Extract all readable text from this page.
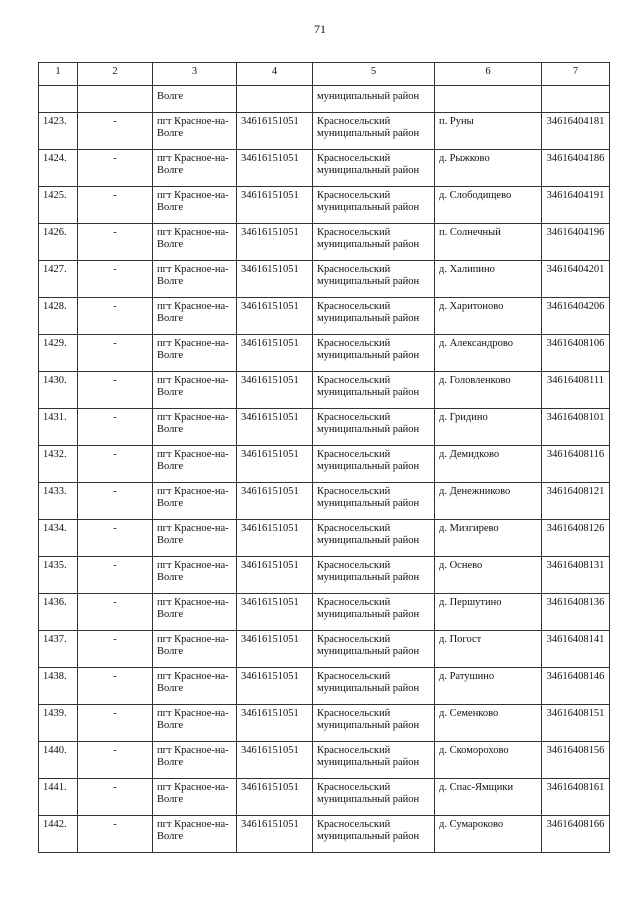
71
1	2	3	4	5	6	7
		Волге		муниципальный район		
1423.	-	пгт Красное-на-Волге	34616151051	Красносельский муниципальный район	п. Руны	34616404181
1424.	-	пгт Красное-на-Волге	34616151051	Красносельский муниципальный район	д. Рыжково	34616404186
1425.	-	пгт Красное-на-Волге	34616151051	Красносельский муниципальный район	д. Слободищево	34616404191
1426.	-	пгт Красное-на-Волге	34616151051	Красносельский муниципальный район	п. Солнечный	34616404196
1427.	-	пгт Красное-на-Волге	34616151051	Красносельский муниципальный район	д. Халипино	34616404201
1428.	-	пгт Красное-на-Волге	34616151051	Красносельский муниципальный район	д. Харитоново	34616404206
1429.	-	пгт Красное-на-Волге	34616151051	Красносельский муниципальный район	д. Александрово	34616408106
1430.	-	пгт Красное-на-Волге	34616151051	Красносельский муниципальный район	д. Головленково	34616408111
1431.	-	пгт Красное-на-Волге	34616151051	Красносельский муниципальный район	д. Гридино	34616408101
1432.	-	пгт Красное-на-Волге	34616151051	Красносельский муниципальный район	д. Демидково	34616408116
1433.	-	пгт Красное-на-Волге	34616151051	Красносельский муниципальный район	д. Денежниково	34616408121
1434.	-	пгт Красное-на-Волге	34616151051	Красносельский муниципальный район	д. Мизгирево	34616408126
1435.	-	пгт Красное-на-Волге	34616151051	Красносельский муниципальный район	д. Оснево	34616408131
1436.	-	пгт Красное-на-Волге	34616151051	Красносельский муниципальный район	д. Першутино	34616408136
1437.	-	пгт Красное-на-Волге	34616151051	Красносельский муниципальный район	д. Погост	34616408141
1438.	-	пгт Красное-на-Волге	34616151051	Красносельский муниципальный район	д. Ратушино	34616408146
1439.	-	пгт Красное-на-Волге	34616151051	Красносельский муниципальный район	д. Семенково	34616408151
1440.	-	пгт Красное-на-Волге	34616151051	Красносельский муниципальный район	д. Скоморохово	34616408156
1441.	-	пгт Красное-на-Волге	34616151051	Красносельский муниципальный район	д. Спас-Ямщики	34616408161
1442.	-	пгт Красное-на-Волге	34616151051	Красносельский муниципальный район	д. Сумароково	34616408166
